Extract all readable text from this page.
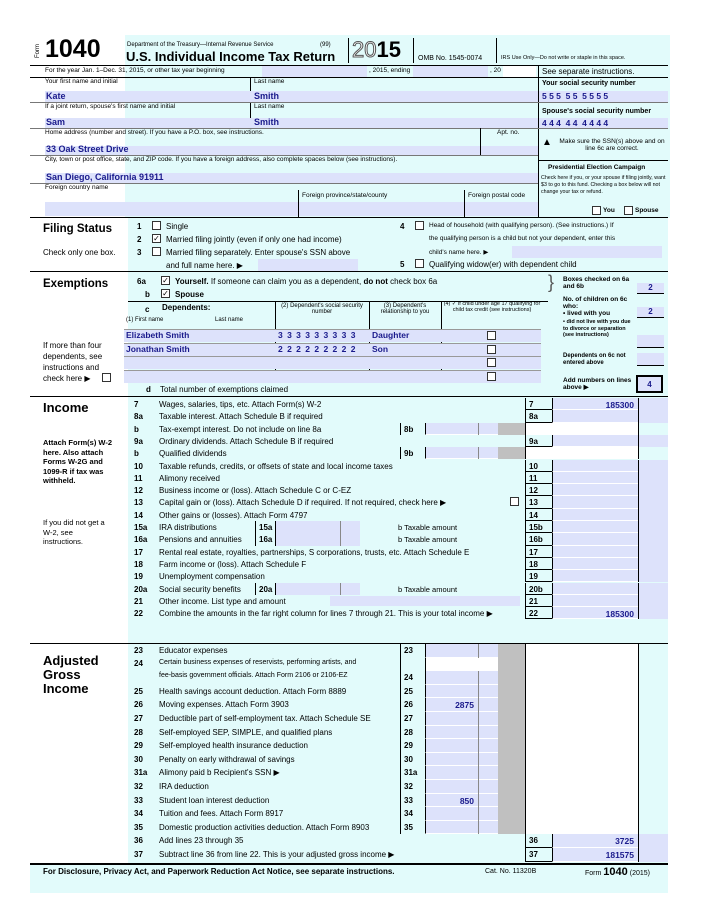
Form 1040	Department of the Treasury—Internal Revenue Service	(99)
U.S. Individual Income Tax Return 2015 OMB No. 1545-0074	IRS Use Only—Do not write or staple in this space.
For the year Jan. 1–Dec. 31, 2015, or other tax year beginning	, 2015, ending	, 20	See separate instructions.
Your first name and initial	Last name
Kate	Smith
Your social security number
5 5 5  5 5  5 5 5 5
If a joint return, spouse's first name and initial	Last name
Sam	Smith
Spouse's social security number
4 4 4  4 4  4 4 4 4
Home address (number and street). If you have a P.O. box, see instructions.	Apt. no.
33 Oak Street Drive
▲	Make sure the SSN(s) above and on line 6c are correct.
City, town or post office, state, and ZIP code. If you have a foreign address, also complete spaces below (see instructions).
San Diego, California 91911
Foreign country name
Foreign province/state/county	Foreign postal code
Presidential Election Campaign
Check here if you, or your spouse if filing jointly, want $3 to go to this fund. Checking a box below will not change your tax or refund.
You	Spouse
Filing Status
Check only one box.
1	Single
2 ✓ Married filing jointly (even if only one had income)
3	Married filing separately. Enter spouse's SSN above
and full name here. ▶
4	Head of household (with qualifying person). (See instructions.) If
the qualifying person is a child but not your dependent, enter this
child's name here. ▶
5	Qualifying widow(er) with dependent child
Exemptions	6a ✓ Yourself. If someone can claim you as a dependent, do not check box 6a
b ✓ Spouse
}
c Dependents:
(1) First name	Last name
(2) Dependent's social security number
(3) Dependent's relationship to you
(4) ✓ if child under age 17 qualifying for child tax credit (see instructions)
Elizabeth Smith	3 3 3 3 3 3 3 3 3 Daughter
Jonathan Smith	2 2 2 2 2 2 2 2 2 Son
If more than four dependents, see instructions and check here ▶
d Total number of exemptions claimed
Boxes checked on 6a and 6b	2
No. of children on 6c who:
• lived with you	2
• did not live with you due to divorce or separation (see instructions)
Dependents on 6c not entered above
Add numbers on lines above ▶	4
Income
Attach Form(s) W-2 here. Also attach Forms W-2G and 1099-R if tax was withheld.
If you did not get a W-2, see instructions.
7	Wages, salaries, tips, etc. Attach Form(s) W-2	7	185300
8a Taxable interest. Attach Schedule B if required	8a
b	Tax-exempt interest. Do not include on line 8a	8b
9a Ordinary dividends. Attach Schedule B if required	9a
b	Qualified dividends	9b
10 Taxable refunds, credits, or offsets of state and local income taxes	10
11 Alimony received	11
12 Business income or (loss). Attach Schedule C or C-EZ	12
13 Capital gain or (loss). Attach Schedule D if required. If not required, check here ▶	13
14 Other gains or (losses). Attach Form 4797	14
15a IRA distributions	15a	b Taxable amount	15b
16a Pensions and annuities	16a	b Taxable amount	16b
17 Rental real estate, royalties, partnerships, S corporations, trusts, etc. Attach Schedule E	17
18 Farm income or (loss). Attach Schedule F	18
19 Unemployment compensation	19
20a Social security benefits	20a	b Taxable amount	20b
21 Other income. List type and amount	21
22 Combine the amounts in the far right column for lines 7 through 21. This is your total income ▶	22	185300
Adjusted Gross Income
23 Educator expenses	23
24 Certain business expenses of reservists, performing artists, and
fee-basis government officials. Attach Form 2106 or 2106-EZ	24
25 Health savings account deduction. Attach Form 8889	25
26 Moving expenses. Attach Form 3903	26	2875
27 Deductible part of self-employment tax. Attach Schedule SE	27
28 Self-employed SEP, SIMPLE, and qualified plans	28
29 Self-employed health insurance deduction	29
30 Penalty on early withdrawal of savings	30
31a Alimony paid b Recipient's SSN ▶	31a
32 IRA deduction	32
33 Student loan interest deduction	33	850
34 Tuition and fees. Attach Form 8917	34
35 Domestic production activities deduction. Attach Form 8903	35
36 Add lines 23 through 35	36	3725
37 Subtract line 36 from line 22. This is your adjusted gross income ▶	37	181575
For Disclosure, Privacy Act, and Paperwork Reduction Act Notice, see separate instructions.	Cat. No. 11320B	Form 1040 (2015)
